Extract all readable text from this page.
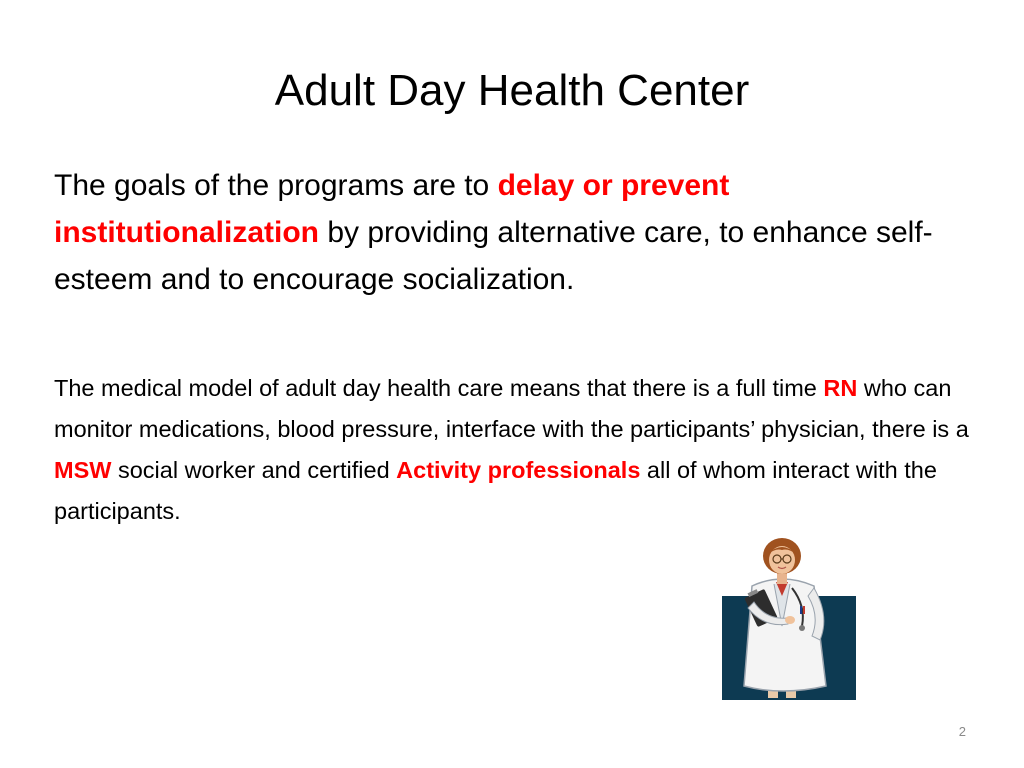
Adult Day Health Center

The goals of the programs are to delay or prevent institutionalization by providing alternative care, to enhance self-esteem and to encourage socialization.

The medical model of adult day health care means that there is a full time RN who can monitor medications, blood pressure, interface with the participants’ physician, there is a MSW social worker and certified Activity professionals all of whom interact with the participants.

2
